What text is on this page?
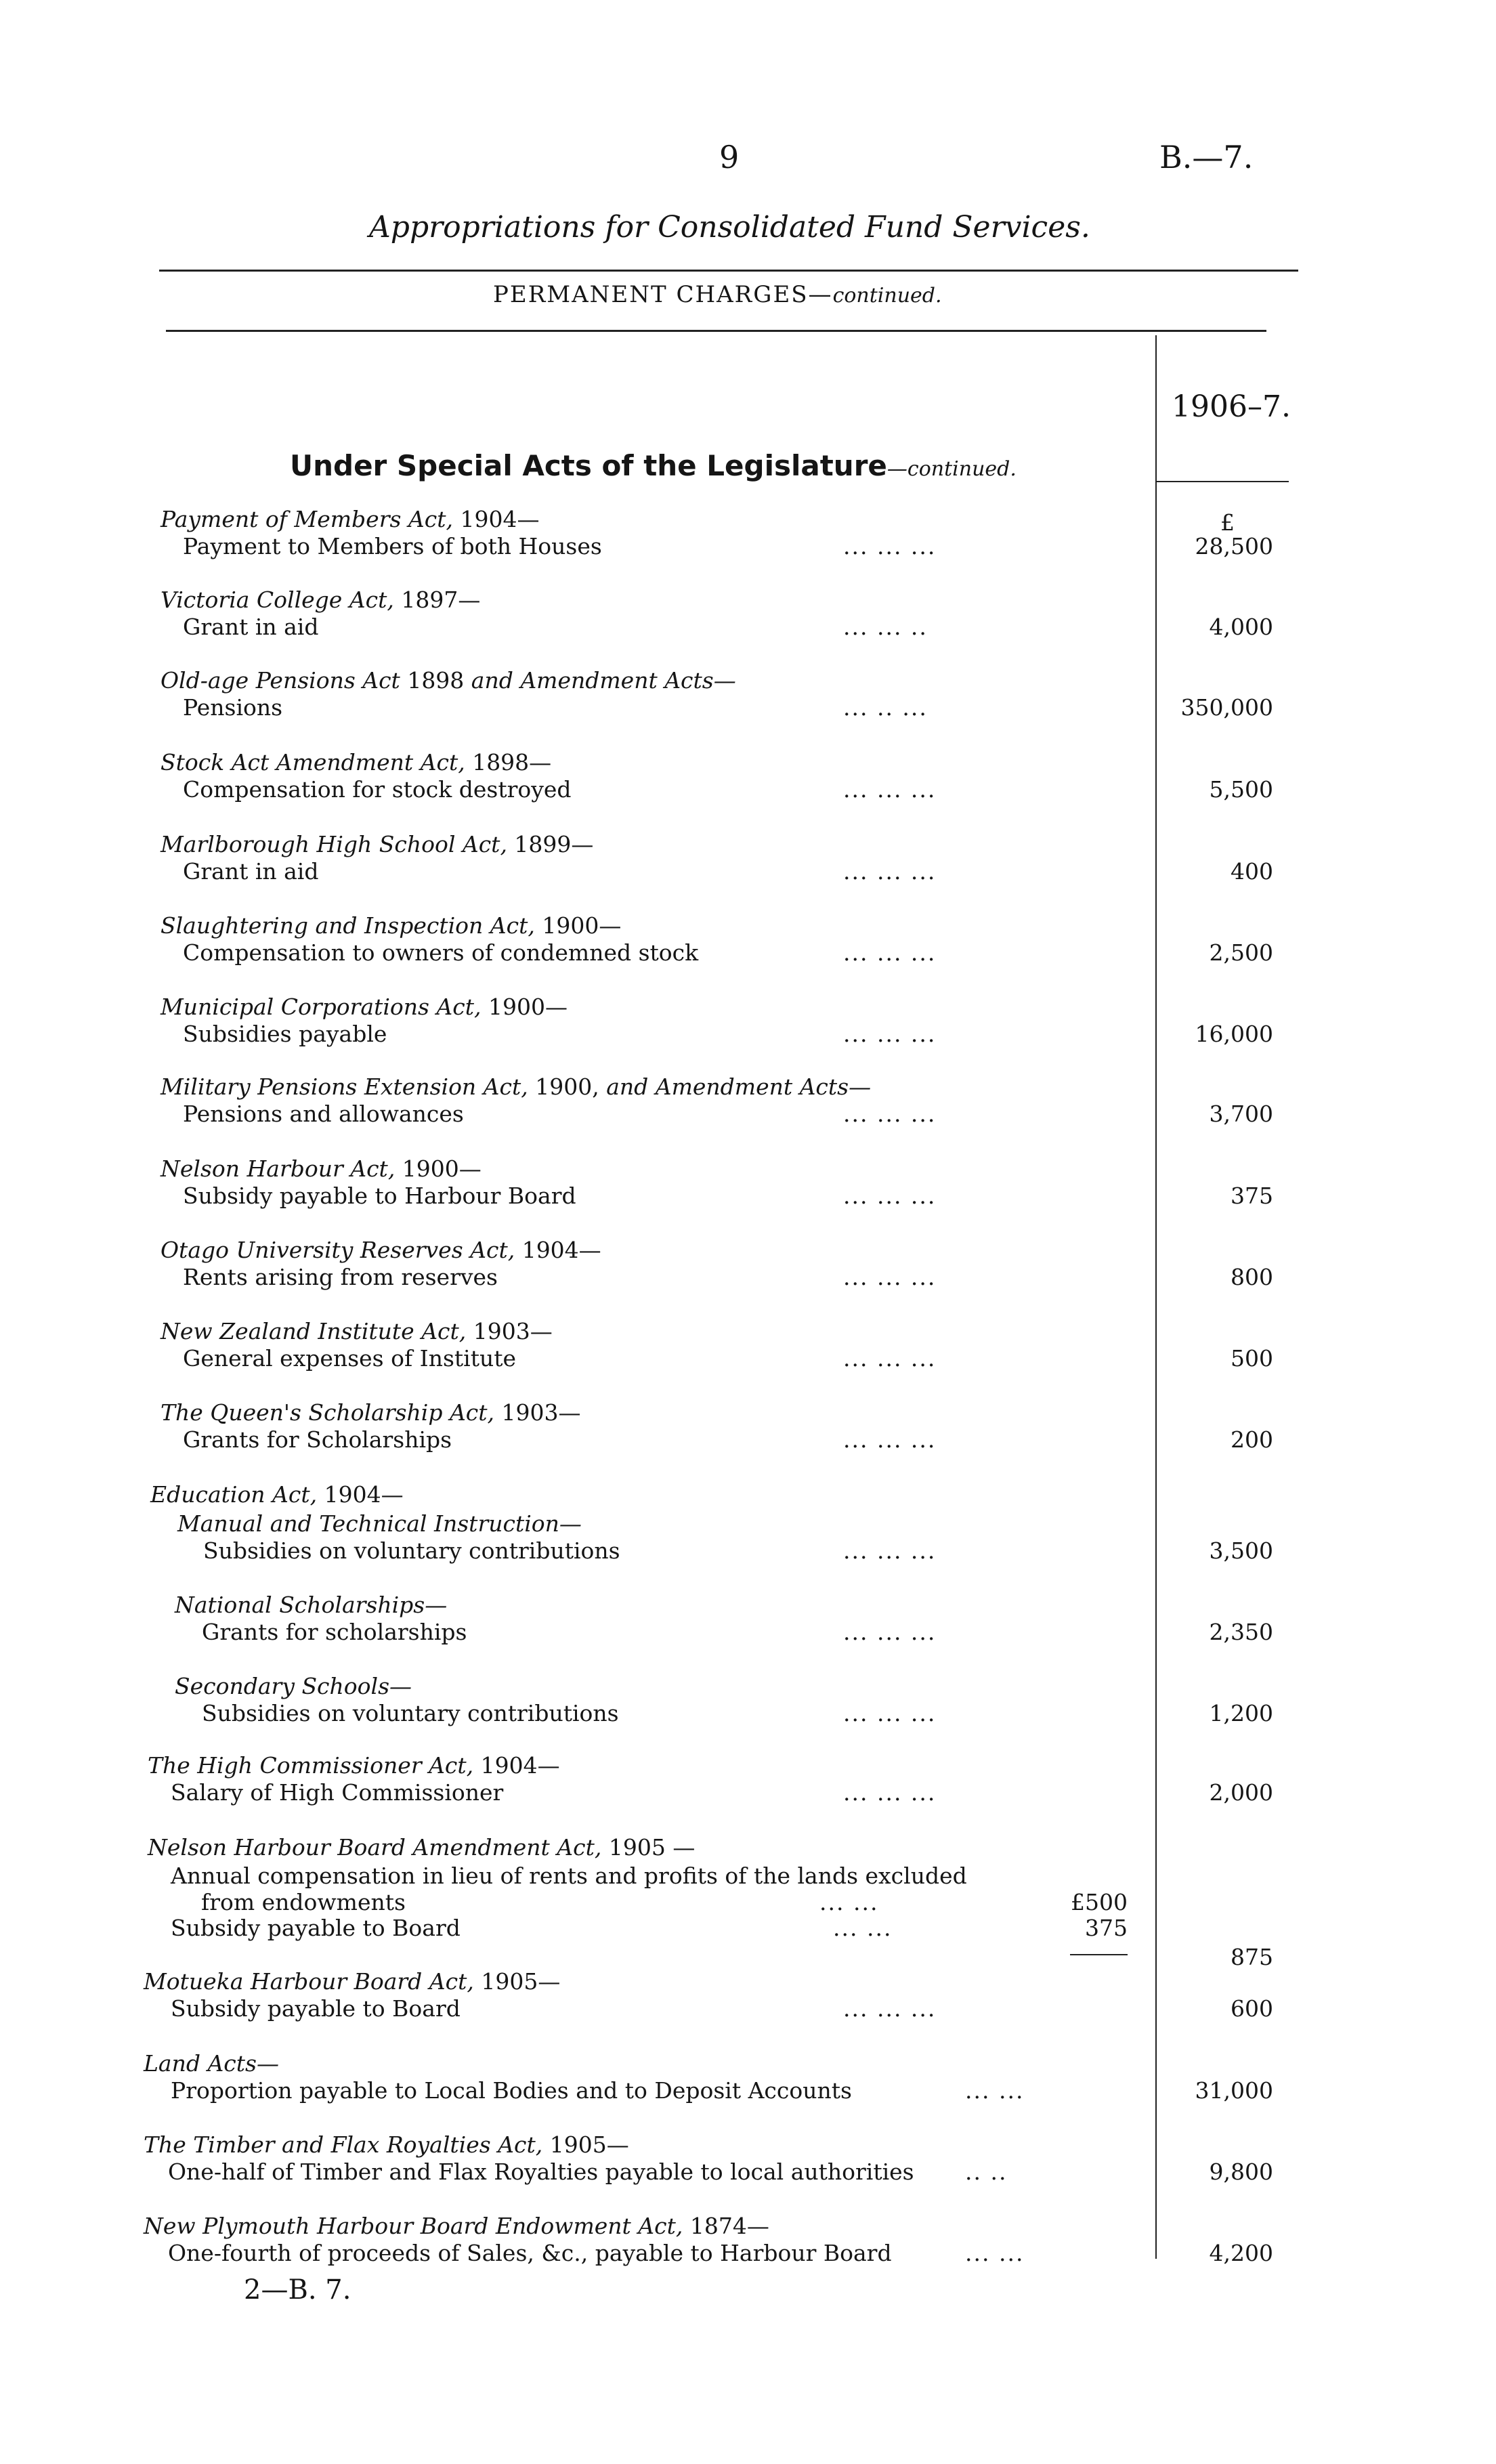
9	B.—7.
Appropriations for Consolidated Fund Services.
PERMANENT CHARGES—continued.
1906–7.
Under Special Acts of the Legislature—continued.
£
Payment of Members Act, 1904—
Payment to Members of both Houses	... ... ...	28,500
Victoria College Act, 1897—
Grant in aid	... ... ..	4,000
Old-age Pensions Act 1898 and Amendment Acts—
Pensions	... .. ...	350,000
Stock Act Amendment Act, 1898—
Compensation for stock destroyed	... ... ...	5,500
Marlborough High School Act, 1899—
Grant in aid	... ... ...	400
Slaughtering and Inspection Act, 1900—
Compensation to owners of condemned stock	... ... ...	2,500
Municipal Corporations Act, 1900—
Subsidies payable	... ... ...	16,000
Military Pensions Extension Act, 1900, and Amendment Acts—
Pensions and allowances	... ... ...	3,700
Nelson Harbour Act, 1900—
Subsidy payable to Harbour Board	... ... ...	375
Otago University Reserves Act, 1904—
Rents arising from reserves	... ... ...	800
New Zealand Institute Act, 1903—
General expenses of Institute	... ... ...	500
The Queen's Scholarship Act, 1903—
Grants for Scholarships	... ... ...	200
Education Act, 1904—
Manual and Technical Instruction—
Subsidies on voluntary contributions	... ... ...	3,500
National Scholarships—
Grants for scholarships	... ... ...	2,350
Secondary Schools—
Subsidies on voluntary contributions	... ... ...	1,200
The High Commissioner Act, 1904—
Salary of High Commissioner	... ... ...	2,000
Nelson Harbour Board Amendment Act, 1905 —
Annual compensation in lieu of rents and profits of the lands excluded
from endowments	... ...	£500
Subsidy payable to Board	... ...	375
875
Motueka Harbour Board Act, 1905—
Subsidy payable to Board	... ... ...	600
Land Acts—
Proportion payable to Local Bodies and to Deposit Accounts	... ...	31,000
The Timber and Flax Royalties Act, 1905—
One-half of Timber and Flax Royalties payable to local authorities .. ..	9,800
New Plymouth Harbour Board Endowment Act, 1874—
One-fourth of proceeds of Sales, &c., payable to Harbour Board	... ...	4,200
2—B. 7.
